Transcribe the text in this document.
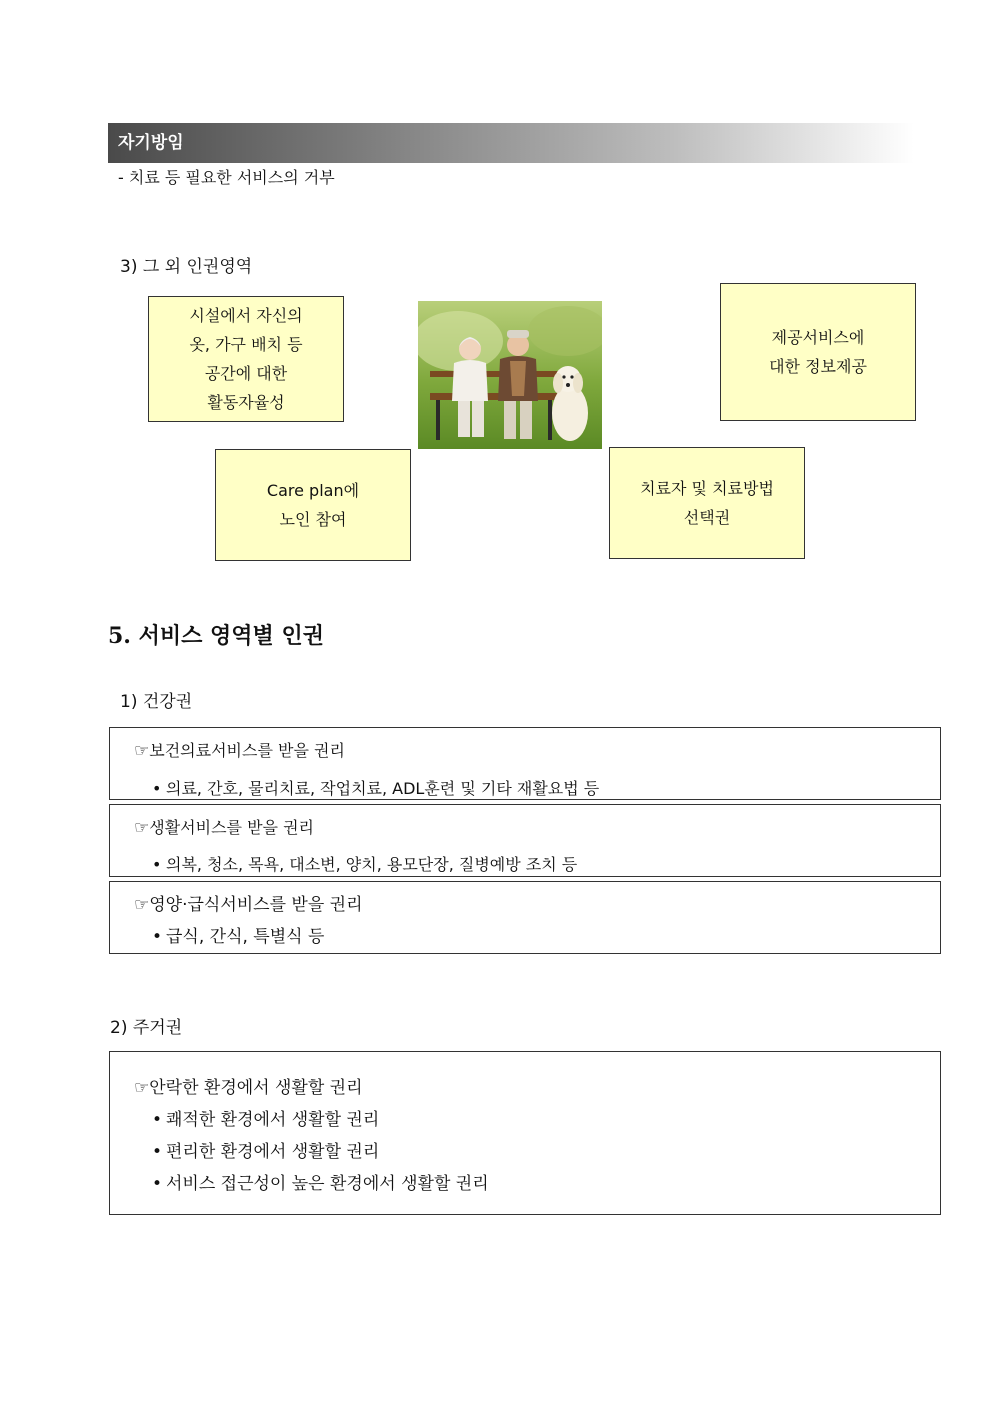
자기방임
- 치료 등 필요한 서비스의 거부
3) 그 외 인권영역
시설에서 자신의
옷, 가구 배치 등
공간에 대한
활동자율성
Care plan에
노인 참여
제공서비스에
대한 정보제공
치료자 및 치료방법
선택권
5. 서비스 영역별 인권
1) 건강권
☞보건의료서비스를 받을 권리
• 의료, 간호, 물리치료, 작업치료, ADL훈련 및 기타 재활요법 등
☞생활서비스를 받을 권리
• 의복, 청소, 목욕, 대소변, 양치, 용모단장, 질병예방 조치 등
☞영양·급식서비스를 받을 권리
• 급식, 간식, 특별식 등
2) 주거권
☞안락한 환경에서 생활할 권리
• 쾌적한 환경에서 생활할 권리
• 편리한 환경에서 생활할 권리
• 서비스 접근성이 높은 환경에서 생활할 권리
